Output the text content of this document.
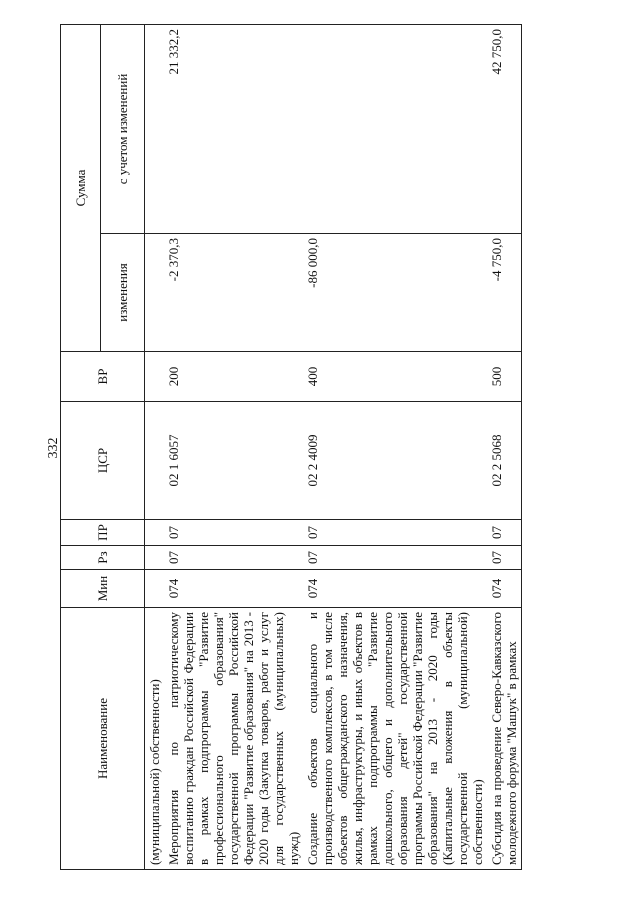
332
Наименование	Мин	Рз	ПР	ЦСР	ВР	Сумма	
						изменения	с учетом изменений
(муниципальной) собственности)							
Мероприятия по патриотическому воспитанию граждан Российской Федерации в рамках подпрограммы "Развитие профессионального образования" государственной программы Российской Федерации "Развитие образования" на 2013 - 2020 годы (Закупка товаров, работ и услуг для государственных (муниципальных) нужд)	074	07	07	02 1 6057	200	-2 370,3	21 332,2
Создание объектов социального и производственного комплексов, в том числе объектов общегражданского назначения, жилья, инфраструктуры, и иных объектов в рамках подпрограммы "Развитие дошкольного, общего и дополнительного образования детей" государственной программы Российской Федерации "Развитие образования" на 2013 - 2020 годы (Капитальные вложения в объекты государственной (муниципальной) собственности)	074	07	07	02 2 4009	400	-86 000,0	
Субсидия на проведение Северо-Кавказского молодежного форума "Машук" в рамках	074	07	07	02 2 5068	500	-4 750,0	42 750,0
